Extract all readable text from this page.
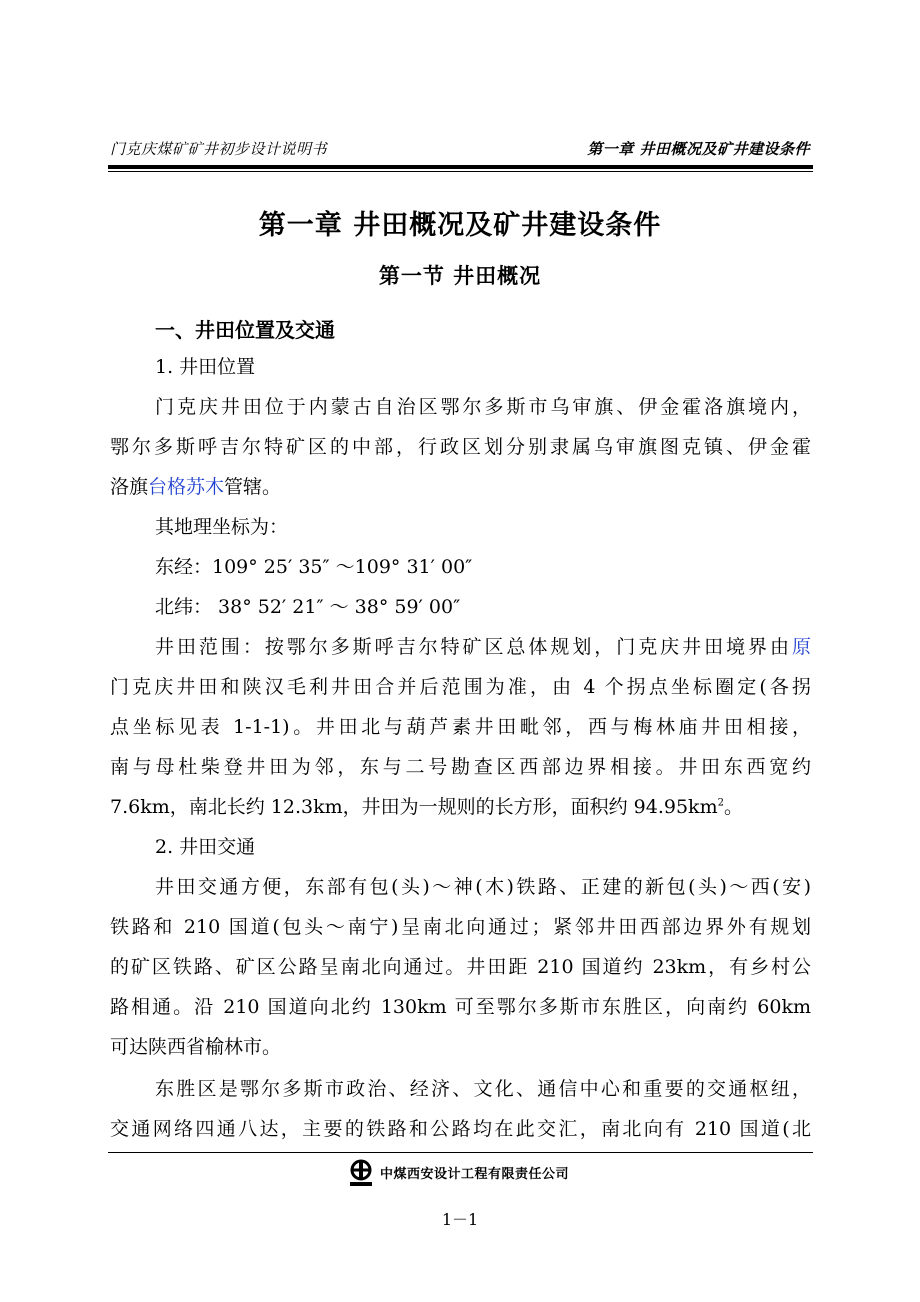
门克庆煤矿矿井初步设计说明书	第一章 井田概况及矿井建设条件
第一章 井田概况及矿井建设条件
第一节 井田概况
一、井田位置及交通
1. 井田位置
门克庆井田位于内蒙古自治区鄂尔多斯市乌审旗、伊金霍洛旗境内，
鄂尔多斯呼吉尔特矿区的中部，行政区划分别隶属乌审旗图克镇、伊金霍
洛旗台格苏木管辖。
其地理坐标为：
东经：109° 25′ 35″ ～109° 31′ 00″
北纬： 38° 52′ 21″ ～ 38° 59′ 00″
井田范围：按鄂尔多斯呼吉尔特矿区总体规划，门克庆井田境界由原
门克庆井田和陕汉毛利井田合并后范围为准，由 4 个拐点坐标圈定(各拐
点坐标见表 1-1-1)。井田北与葫芦素井田毗邻，西与梅林庙井田相接，
南与母杜柴登井田为邻，东与二号勘查区西部边界相接。井田东西宽约
7.6km，南北长约 12.3km，井田为一规则的长方形，面积约 $94.95km^2$。
2. 井田交通
井田交通方便，东部有包(头)～神(木)铁路、正建的新包(头)～西(安)
铁路和 210 国道(包头～南宁)呈南北向通过；紧邻井田西部边界外有规划
的矿区铁路、矿区公路呈南北向通过。井田距 210 国道约 23km，有乡村公
路相通。沿 210 国道向北约 130km 可至鄂尔多斯市东胜区，向南约 60km
可达陕西省榆林市。
东胜区是鄂尔多斯市政治、经济、文化、通信中心和重要的交通枢纽，
交通网络四通八达，主要的铁路和公路均在此交汇，南北向有 210 国道(北
中煤西安设计工程有限责任公司
1－1
